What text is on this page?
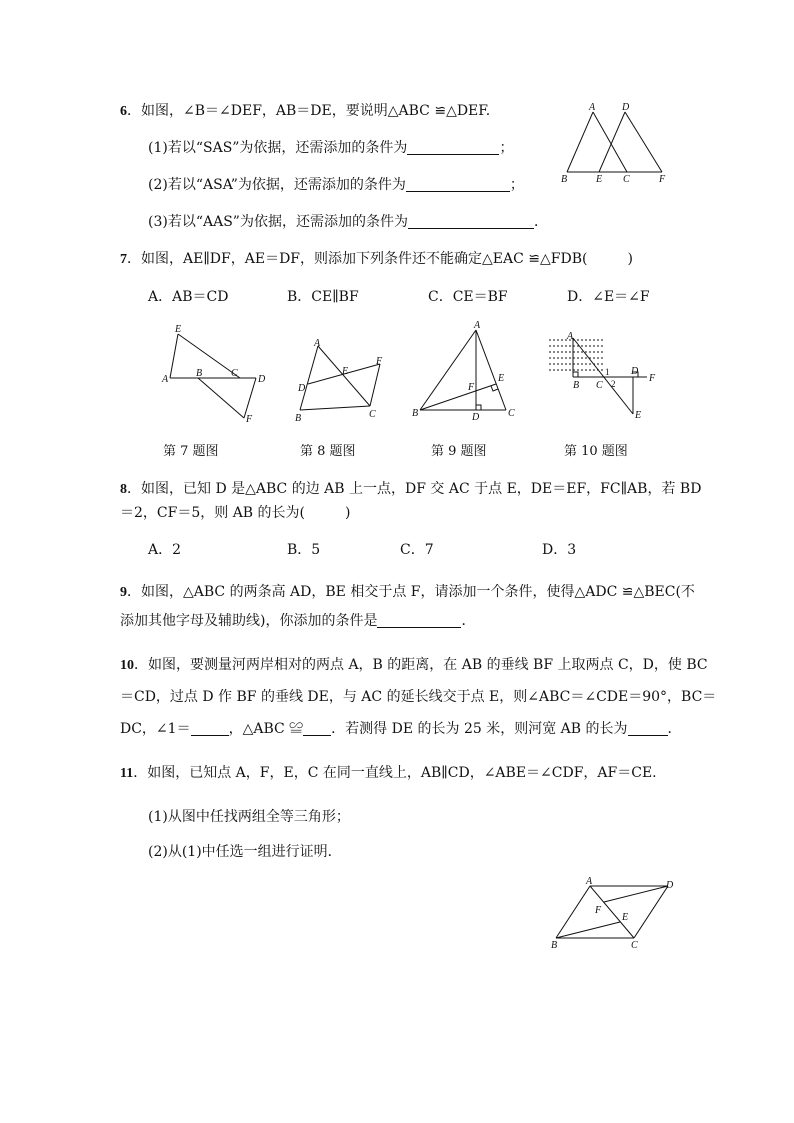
6．如图，∠B＝∠DEF，AB＝DE，要说明△ABC ≌△DEF.
(1)若以“SAS”为依据，还需添加的条件为	；
(2)若以“ASA”为依据，还需添加的条件为	；
(3)若以“AAS”为依据，还需添加的条件为	．
A	D
B	E C	F
7．如图，AE∥DF，AE＝DF，则添加下列条件还不能确定△EAC ≌△FDB(	)
A．AB＝CD	B．CE∥BF	C．CE＝BF	D．∠E＝∠F
E
A
B	C
D
F
第 7 题图
A
F
E
D
B	C
第 8 题图
A
E
F
B	D	C
第 9 题图
A
D
F
B C
1
2
E
第 10 题图
8．如图，已知 D 是△ABC 的边 AB 上一点，DF 交 AC 于点 E，DE＝EF，FC∥AB，若 BD
＝2，CF＝5，则 AB 的长为(	)
A．2	B．5	C．7	D．3
9．如图，△ABC 的两条高 AD，BE 相交于点 F，请添加一个条件，使得△ADC ≌△BEC(不
添加其他字母及辅助线)，你添加的条件是	．
10．如图，要测量河两岸相对的两点 A，B 的距离，在 AB 的垂线 BF 上取两点 C，D，使 BC
＝CD，过点 D 作 BF 的垂线 DE，与 AC 的延长线交于点 E，则∠ABC＝∠CDE＝90°，BC＝
DC，∠1＝	，△ABC ≌ ．若测得 DE 的长为 25 米，则河宽 AB 的长为	．
11．如图，已知点 A，F，E，C 在同一直线上，AB∥CD，∠ABE＝∠CDF，AF＝CE.
(1)从图中任找两组全等三角形；
(2)从(1)中任选一组进行证明．
A	D
F
E
B	C
